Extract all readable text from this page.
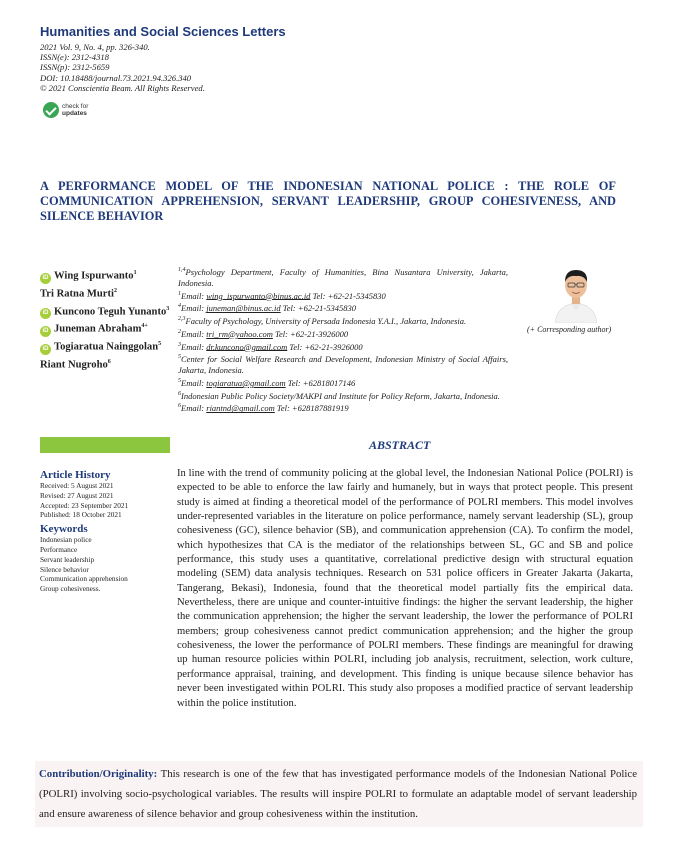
Humanities and Social Sciences Letters
2021 Vol. 9, No. 4, pp. 326-340.
ISSN(e): 2312-4318
ISSN(p): 2312-5659
DOI: 10.18488/journal.73.2021.94.326.340
© 2021 Conscientia Beam. All Rights Reserved.
check for
updates
A PERFORMANCE MODEL OF THE INDONESIAN NATIONAL POLICE : THE ROLE OF COMMUNICATION APPREHENSION, SERVANT LEADERSHIP, GROUP COHESIVENESS, AND SILENCE BEHAVIOR
iD Wing Ispurwanto$^1$
Tri Ratna Murti$^2$
iD Kuncono Teguh Yunanto$^3$
iD Juneman Abraham$^{4+}$
iD Togiaratua Nainggolan$^5$
Riant Nugroho$^6$

$^{1,4}$Psychology Department, Faculty of Humanities, Bina Nusantara University, Jakarta, Indonesia.

$^1$Email: wing_ispurwanto@binus.ac.id Tel: +62-21-5345830

$^4$Email: juneman@binus.ac.id Tel: +62-21-5345830

$^{2,3}$Faculty of Psychology, University of Persada Indonesia Y.A.I., Jakarta, Indonesia.

$^2$Email: tri_rm@yahoo.com Tel: +62-21-3926000

$^3$Email: dr.kuncono@gmail.com Tel: +62-21-3926000

$^5$Center for Social Welfare Research and Development, Indonesian Ministry of Social Affairs, Jakarta, Indonesia.

$^5$Email: togiaratua@gmail.com Tel: +62818017146

$^6$Indonesian Public Policy Society/MAKPI and Institute for Policy Reform, Jakarta, Indonesia.

$^6$Email: riantnd@gmail.com Tel: +628187881919

(+ Corresponding author)
ABSTRACT
Article History
Received: 5 August 2021
Revised: 27 August 2021
Accepted: 23 September 2021
Published: 18 October 2021
Keywords
Indonesian police
Performance
Servant leadership
Silence behavior
Communication apprehension
Group cohesiveness.
In line with the trend of community policing at the global level, the Indonesian National Police (POLRI) is expected to be able to enforce the law fairly and humanely, but in ways that protect people. This present study is aimed at finding a theoretical model of the performance of POLRI members. This model involves under-represented variables in the literature on police performance, namely servant leadership (SL), group cohesiveness (GC), silence behavior (SB), and communication apprehension (CA). To confirm the model, which hypothesizes that CA is the mediator of the relationships between SL, GC and SB and police performance, this study uses a quantitative, correlational predictive design with structural equation modeling (SEM) data analysis techniques. Research on 531 police officers in Greater Jakarta (Jakarta, Tangerang, Bekasi), Indonesia, found that the theoretical model partially fits the empirical data. Nevertheless, there are unique and counter-intuitive findings: the higher the servant leadership, the higher the communication apprehension; the higher the servant leadership, the lower the performance of POLRI members; group cohesiveness cannot predict communication apprehension; and the higher the group cohesiveness, the lower the performance of POLRI members. These findings are meaningful for drawing up human resource policies within POLRI, including job analysis, recruitment, selection, work culture, performance appraisal, training, and development. This finding is unique because silence behavior has never been investigated within POLRI. This study also proposes a modified practice of servant leadership within the police institution.
Contribution/Originality: This research is one of the few that has investigated performance models of the Indonesian National Police (POLRI) involving socio-psychological variables. The results will inspire POLRI to formulate an adaptable model of servant leadership and ensure awareness of silence behavior and group cohesiveness within the institution.
